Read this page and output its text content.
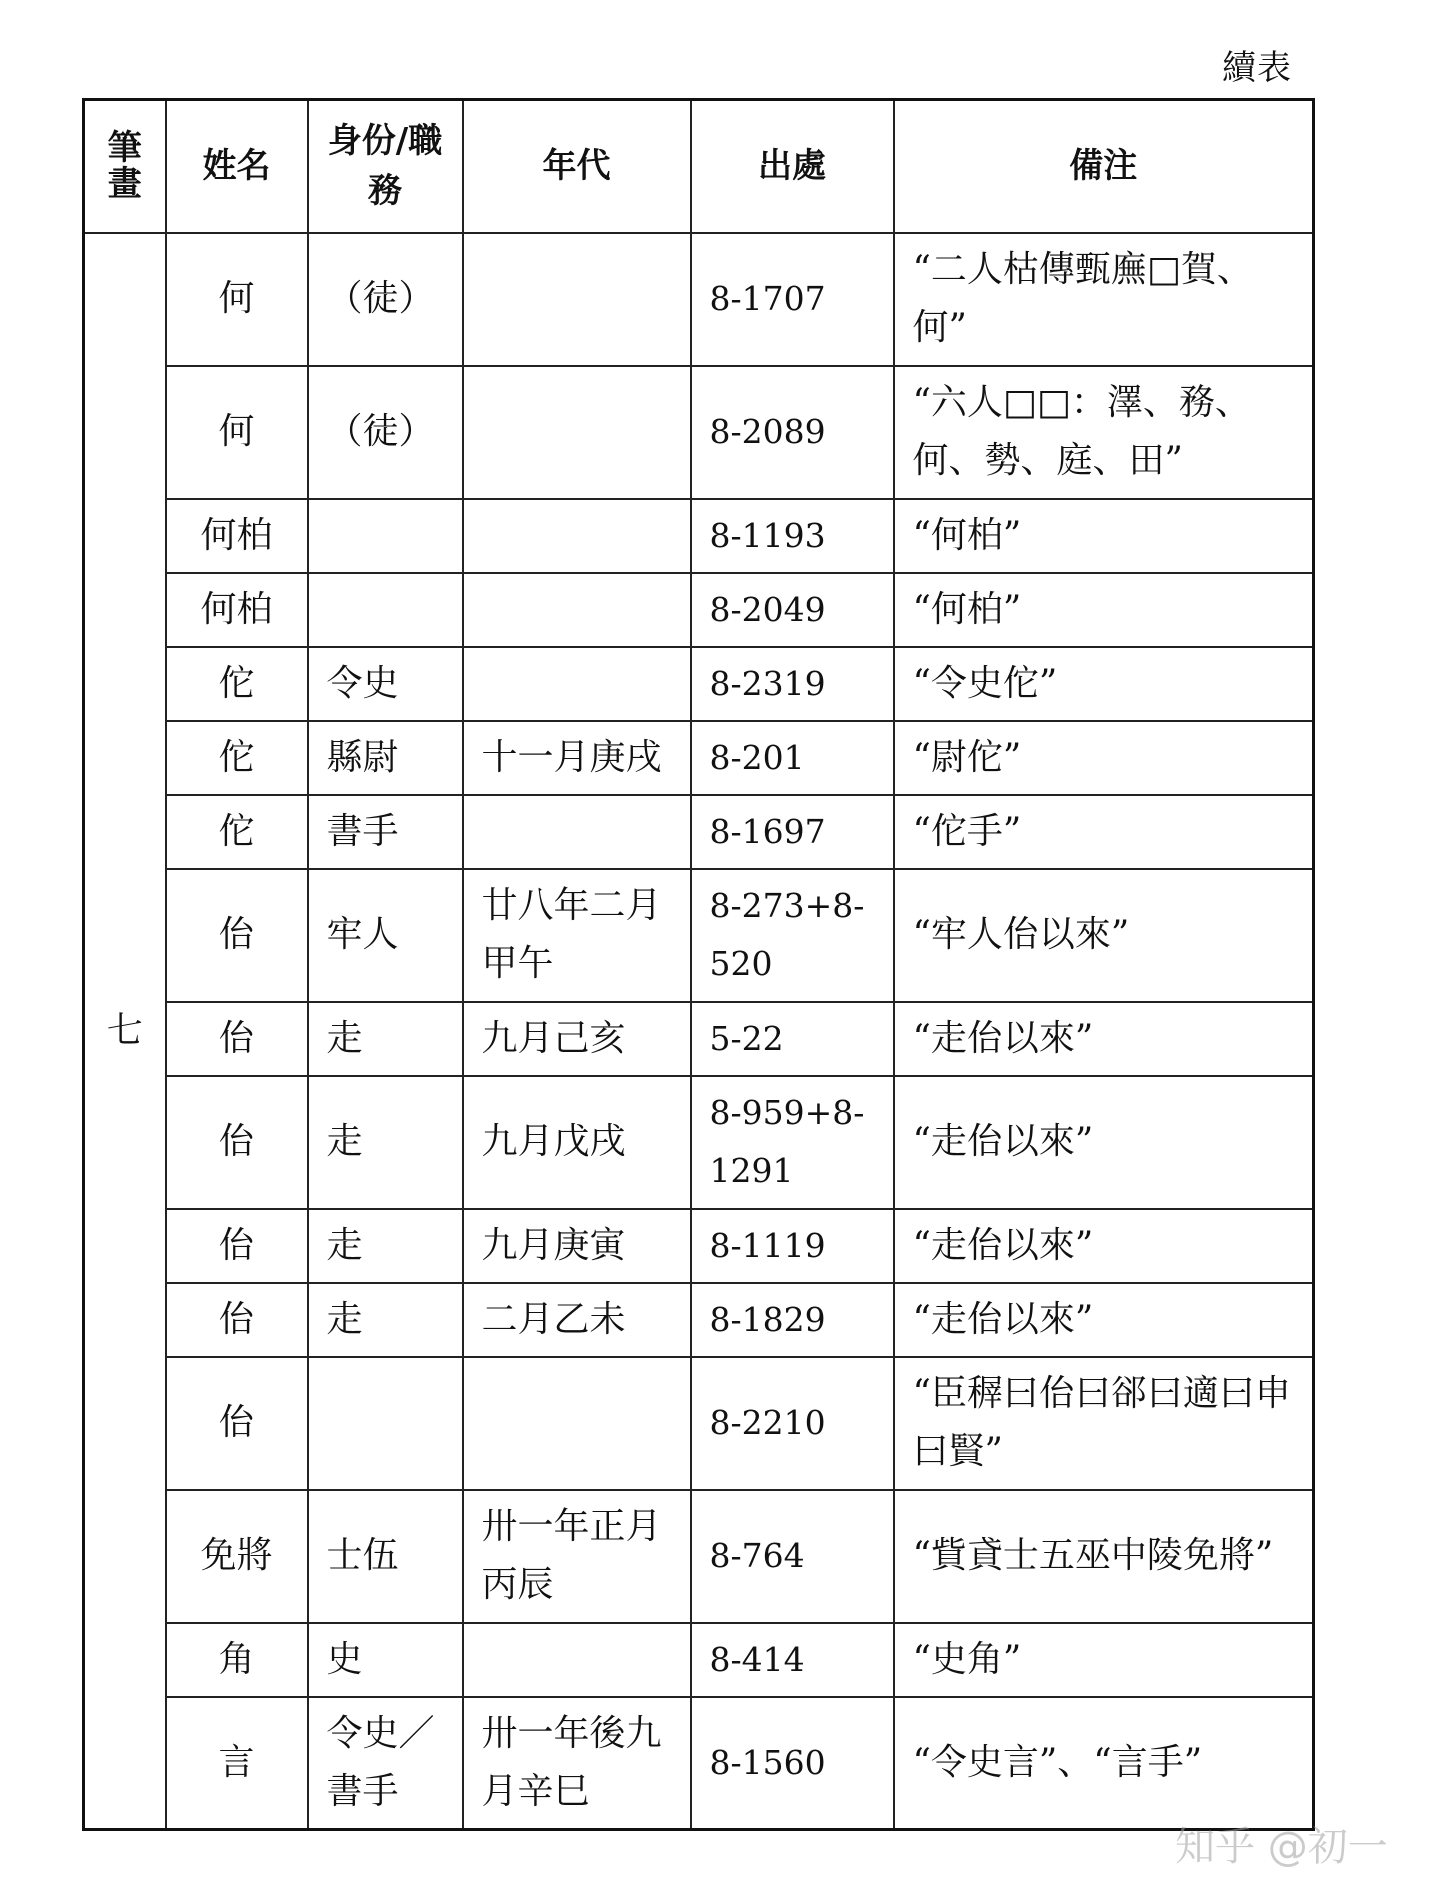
續表
筆畫	姓名	身份/職務	年代	出處	備注
七	何	（徒）		8-1707	“二人枯傳甄廡□賀、何”
	何	（徒）		8-2089	“六人□□：澤、務、何、勢、庭、田”
	何柏			8-1193	“何柏”
	何柏			8-2049	“何柏”
	佗	令史		8-2319	“令史佗”
	佗	縣尉	十一月庚戌	8-201	“尉佗”
	佗	書手		8-1697	“佗手”
	佁	牢人	廿八年二月甲午	8-273+8-520	“牢人佁以來”
	佁	走	九月己亥	5-22	“走佁以來”
	佁	走	九月戊戌	8-959+8-1291	“走佁以來”
	佁	走	九月庚寅	8-1119	“走佁以來”
	佁	走	二月乙未	8-1829	“走佁以來”
	佁			8-2210	“臣稺曰佁曰郤曰適曰申曰賢”
	免將	士伍	卅一年正月丙辰	8-764	“貲貣士五巫中陵免將”
	角	史		8-414	“史角”
	言	令史／書手	卅一年後九月辛巳	8-1560	“令史言”、“言手”
知乎 @初一
